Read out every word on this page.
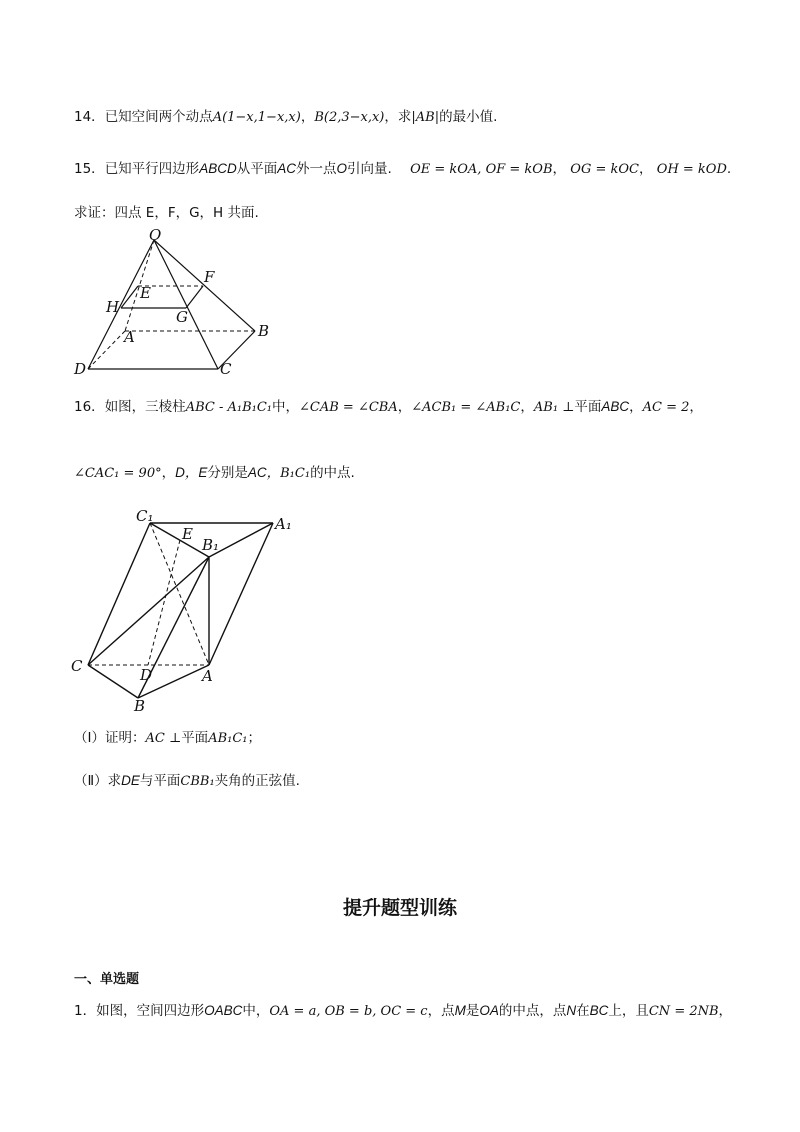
14．已知空间两个动点A(1−x,1−x,x)，B(2,3−x,x)，求|AB|的最小值.
15．已知平行四边形ABCD从平面AC外一点O引向量. OE = kOA, OF = kOB， OG = kOC， OH = kOD.
求证：四点 E，F，G，H 共面.
O
F
E
H
G
A	B
D	C
16．如图，三棱柱ABC - A₁B₁C₁中，∠CAB = ∠CBA，∠ACB₁ = ∠AB₁C，AB₁ ⊥平面ABC，AC = 2，
∠CAC₁ = 90°，D，E分别是AC，B₁C₁的中点.
C₁
E
A₁
B₁
C	D	A
B
（Ⅰ）证明：AC ⊥平面AB₁C₁；
（Ⅱ）求DE与平面CBB₁夹角的正弦值.
提升题型训练
一、单选题
1．如图，空间四边形OABC中，OA = a, OB = b, OC = c，点M是OA的中点，点N在BC上，且CN = 2NB，
